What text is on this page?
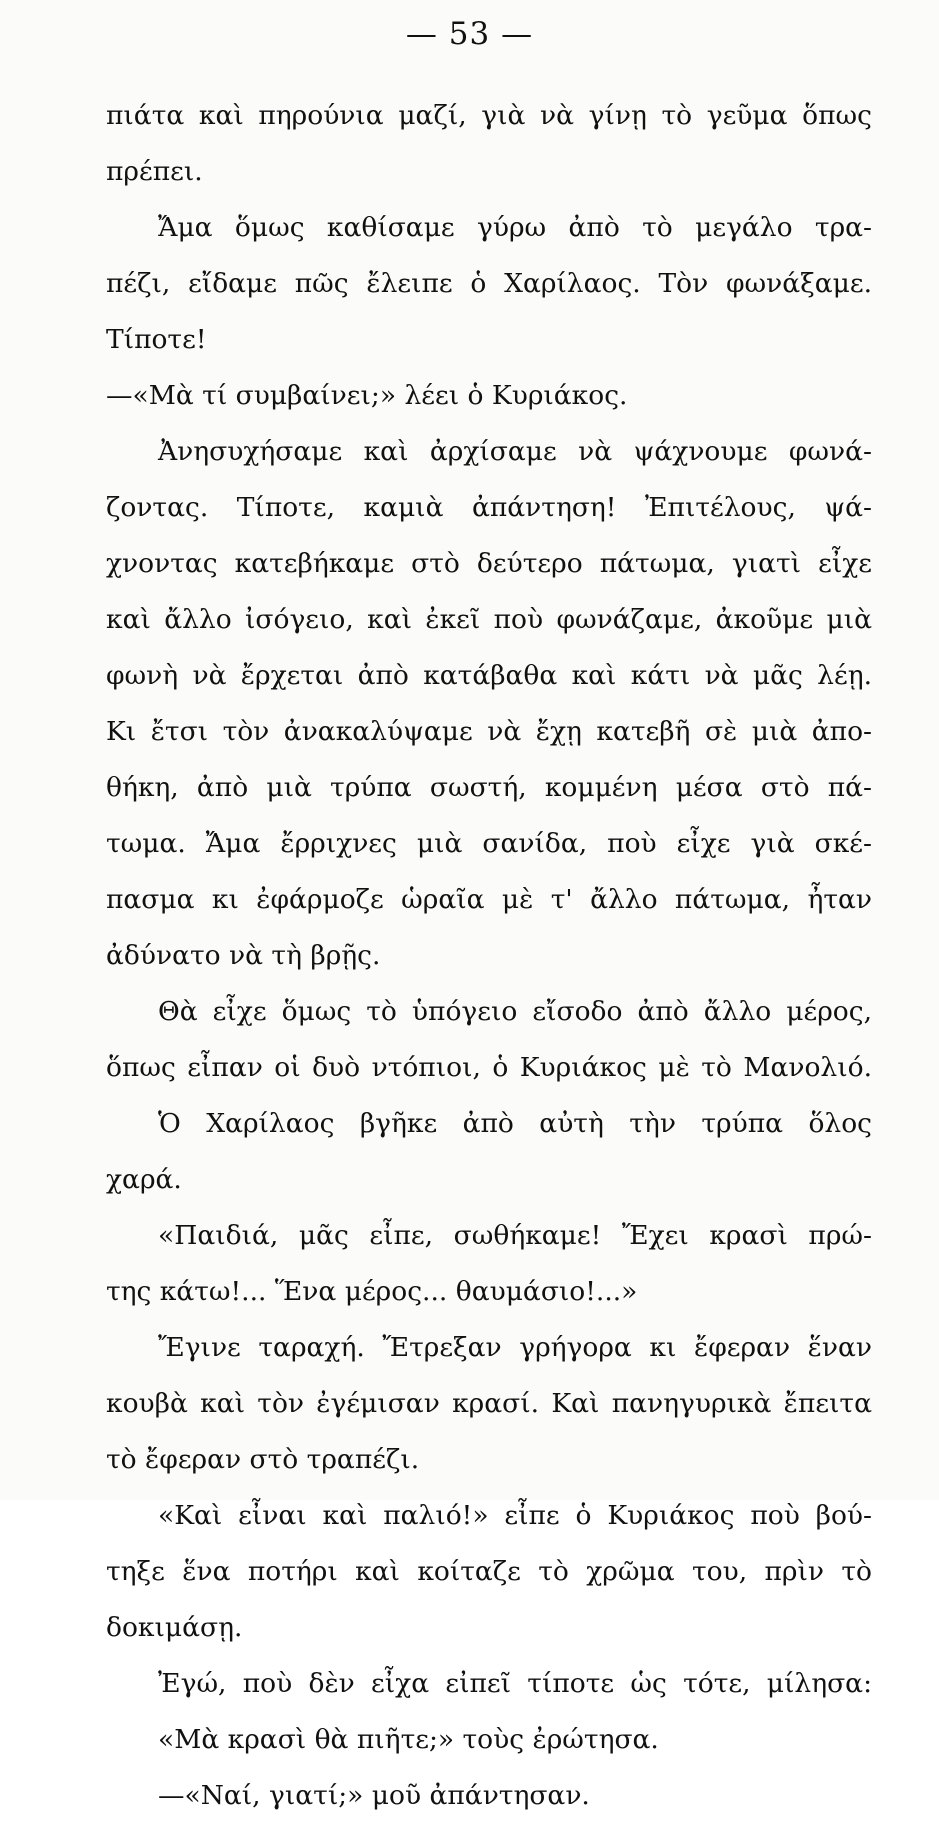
— 53 —
πιάτα καὶ πηρούνια μαζί, γιὰ νὰ γίνῃ τὸ γεῦμα ὅπως
πρέπει.
Ἄμα ὅμως καθίσαμε γύρω ἀπὸ τὸ μεγάλο τρα-
πέζι, εἴδαμε πῶς ἔλειπε ὁ Χαρίλαος. Τὸν φωνάξαμε.
Τίποτε!
—«Μὰ τί συμβαίνει;» λέει ὁ Κυριάκος.
Ἀνησυχήσαμε καὶ ἀρχίσαμε νὰ ψάχνουμε φωνά-
ζοντας. Τίποτε, καμιὰ ἀπάντηση! Ἐπιτέλους, ψά-
χνοντας κατεβήκαμε στὸ δεύτερο πάτωμα, γιατὶ εἶχε
καὶ ἄλλο ἰσόγειο, καὶ ἐκεῖ ποὺ φωνάζαμε, ἀκοῦμε μιὰ
φωνὴ νὰ ἔρχεται ἀπὸ κατάβαθα καὶ κάτι νὰ μᾶς λέῃ.
Κι ἔτσι τὸν ἀνακαλύψαμε νὰ ἔχῃ κατεβῆ σὲ μιὰ ἀπο-
θήκη, ἀπὸ μιὰ τρύπα σωστή, κομμένη μέσα στὸ πά-
τωμα. Ἄμα ἔρριχνες μιὰ σανίδα, ποὺ εἶχε γιὰ σκέ-
πασμα κι ἐφάρμοζε ὡραῖα μὲ τ' ἄλλο πάτωμα, ἦταν
ἀδύνατο νὰ τὴ βρῇς.
Θὰ εἶχε ὅμως τὸ ὑπόγειο εἴσοδο ἀπὸ ἄλλο μέρος,
ὅπως εἶπαν οἱ δυὸ ντόπιοι, ὁ Κυριάκος μὲ τὸ Μανολιό.
Ὁ Χαρίλαος βγῆκε ἀπὸ αὐτὴ τὴν τρύπα ὅλος
χαρά.
«Παιδιά, μᾶς εἶπε, σωθήκαμε! Ἔχει κρασὶ πρώ-
της κάτω!... Ἕνα μέρος... θαυμάσιο!...»
Ἔγινε ταραχή. Ἔτρεξαν γρήγορα κι ἔφεραν ἕναν
κουβὰ καὶ τὸν ἐγέμισαν κρασί. Καὶ πανηγυρικὰ ἔπειτα
τὸ ἔφεραν στὸ τραπέζι.
«Καὶ εἶναι καὶ παλιό!» εἶπε ὁ Κυριάκος ποὺ βού-
τηξε ἕνα ποτήρι καὶ κοίταζε τὸ χρῶμα του, πρὶν τὸ
δοκιμάσῃ.
Ἐγώ, ποὺ δὲν εἶχα εἰπεῖ τίποτε ὡς τότε, μίλησα:
«Μὰ κρασὶ θὰ πιῆτε;» τοὺς ἐρώτησα.
—«Ναί, γιατί;» μοῦ ἀπάντησαν.
